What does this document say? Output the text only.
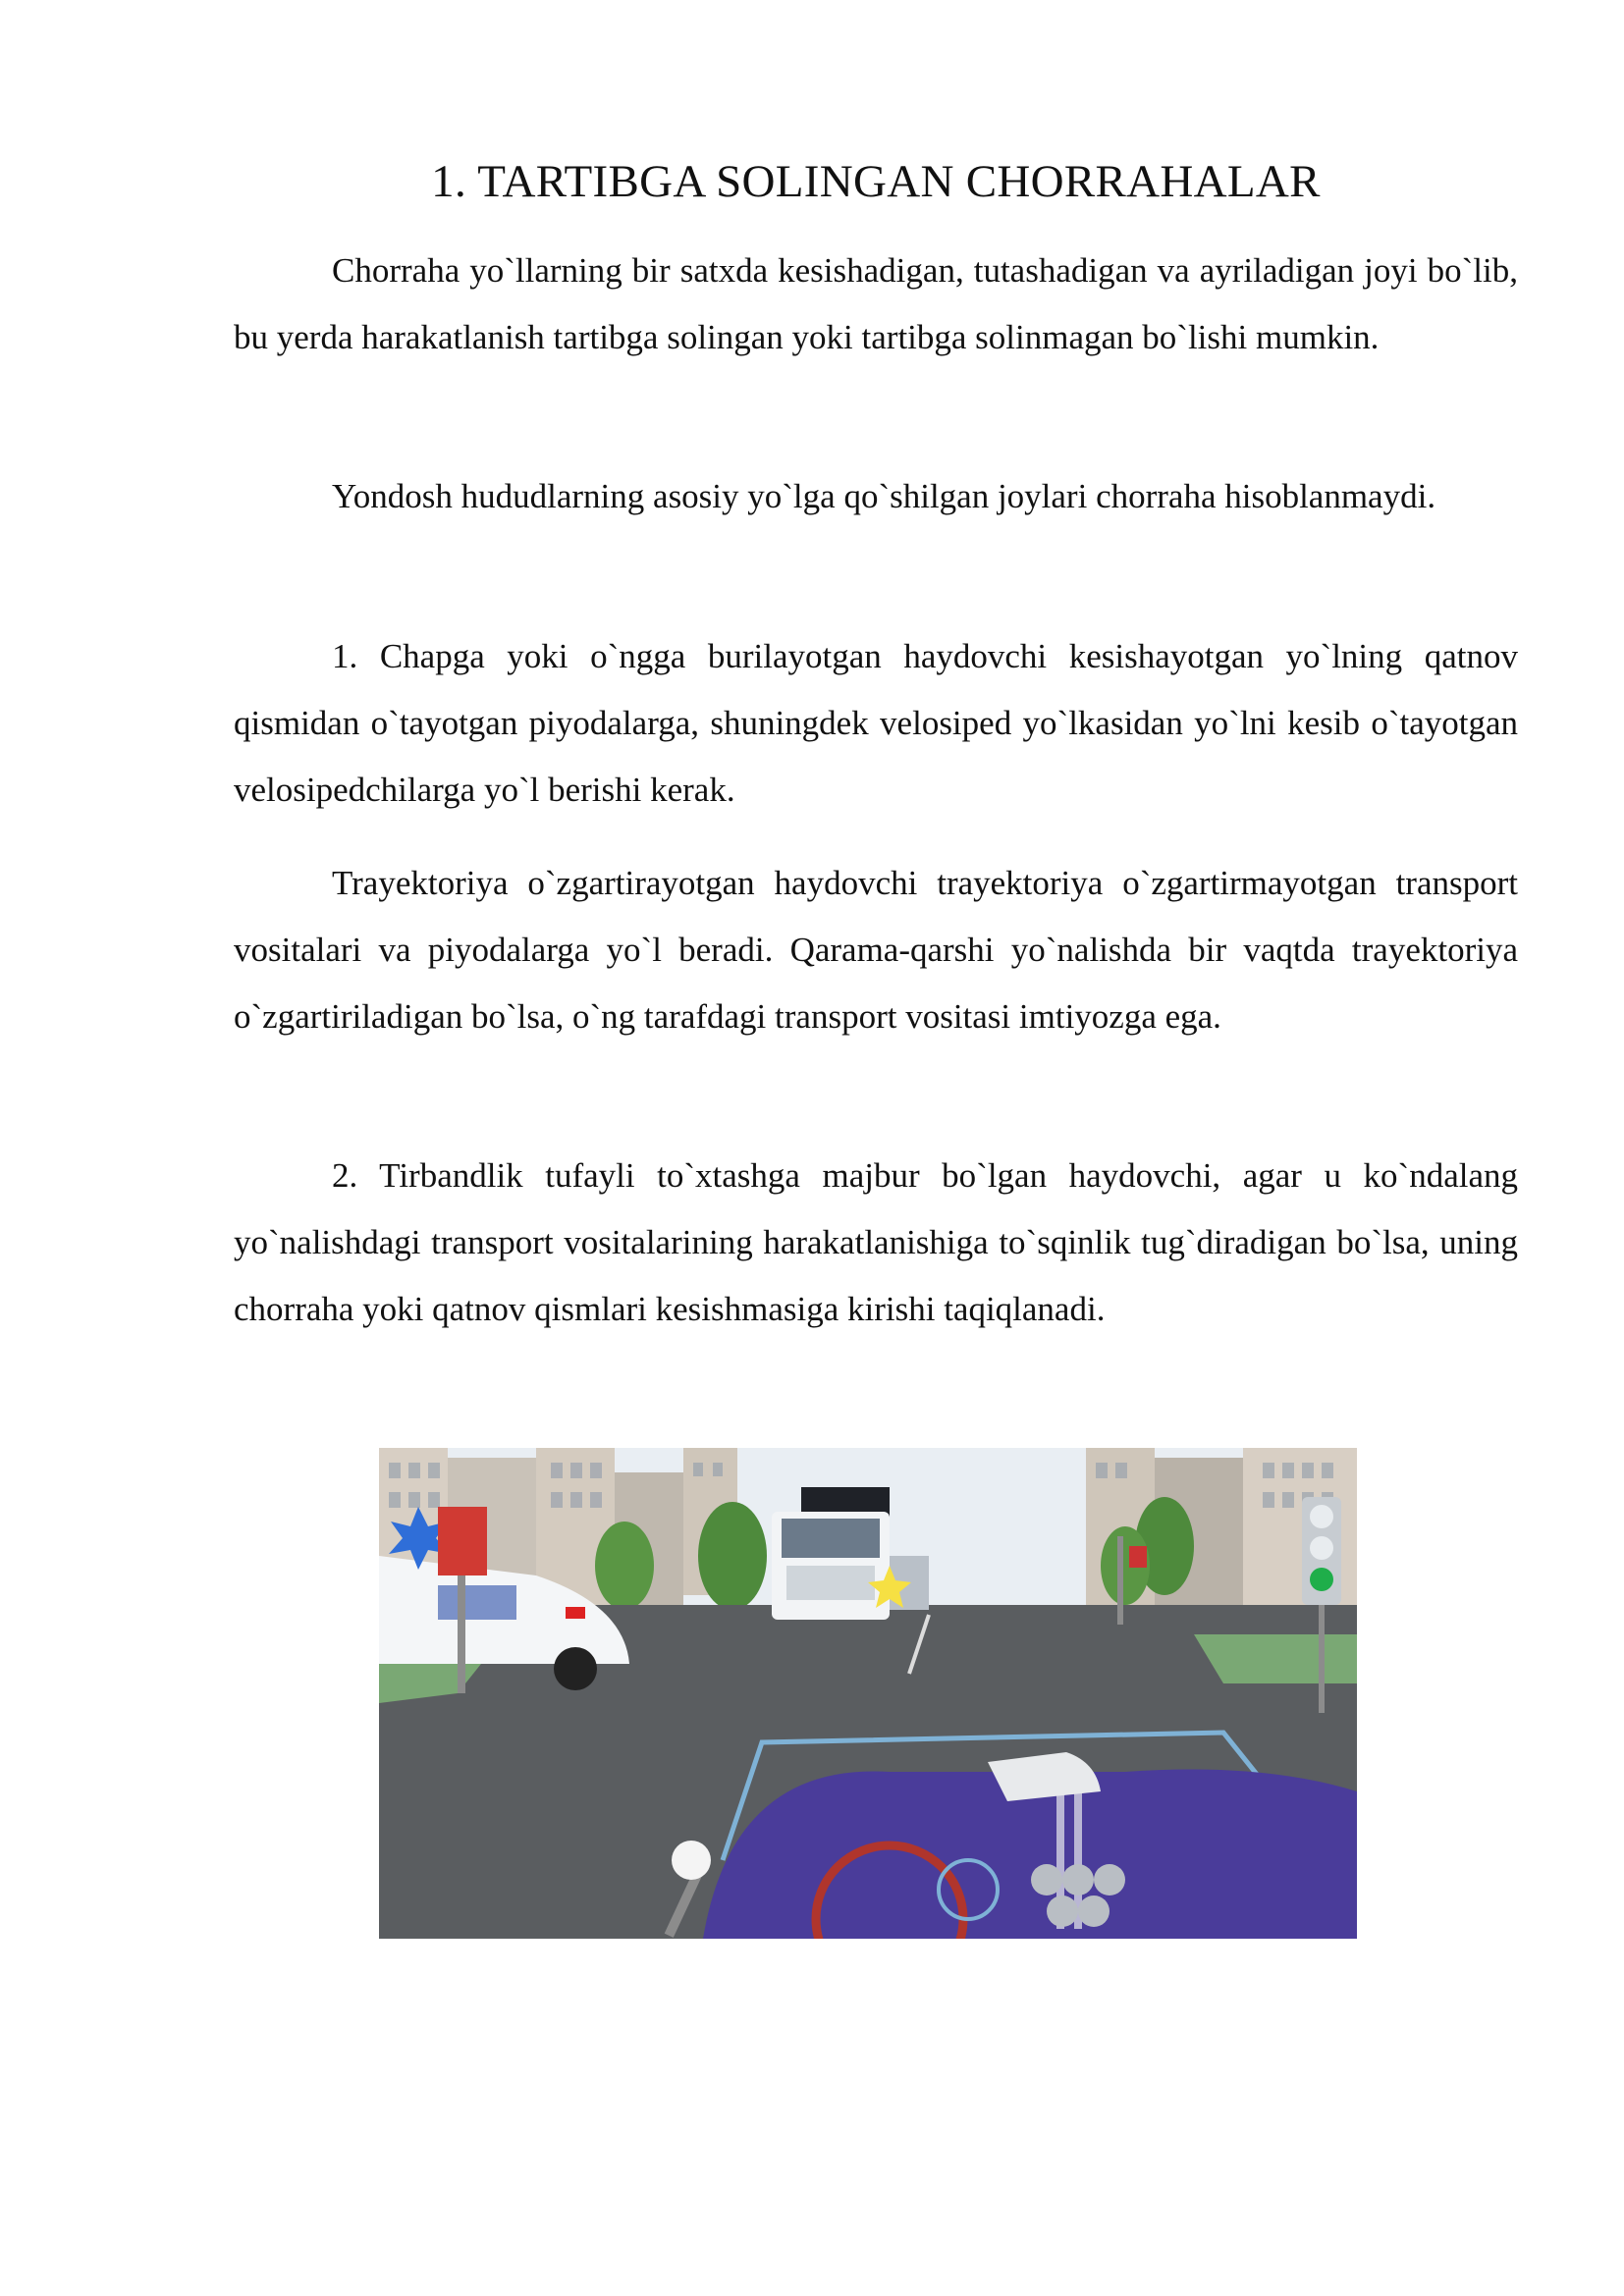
1. TARTIBGA SOLINGAN CHORRAHALAR

Chorraha yo`llarning bir satxda kesishadigan, tutashadigan va ayriladigan joyi bo`lib, bu yerda harakatlanish tartibga solingan yoki tartibga solinmagan bo`lishi mumkin.

Yondosh hududlarning asosiy yo`lga qo`shilgan joylari chorraha hisoblanmaydi.

1. Chapga yoki o`ngga burilayotgan haydovchi kesishayotgan yo`lning qatnov qismidan o`tayotgan piyodalarga, shuningdek velosiped yo`lkasidan yo`lni kesib o`tayotgan velosipedchilarga yo`l berishi kerak.

Trayektoriya o`zgartirayotgan haydovchi trayektoriya o`zgartirmayotgan transport vositalari va piyodalarga yo`l beradi. Qarama-qarshi yo`nalishda bir vaqtda trayektoriya o`zgartiriladigan bo`lsa, o`ng tarafdagi transport vositasi imtiyozga ega.

2. Tirbandlik tufayli to`xtashga majbur bo`lgan haydovchi, agar u ko`ndalang yo`nalishdagi transport vositalarining harakatlanishiga to`sqinlik tug`diradigan bo`lsa, uning chorraha yoki qatnov qismlari kesishmasiga kirishi taqiqlanadi.
